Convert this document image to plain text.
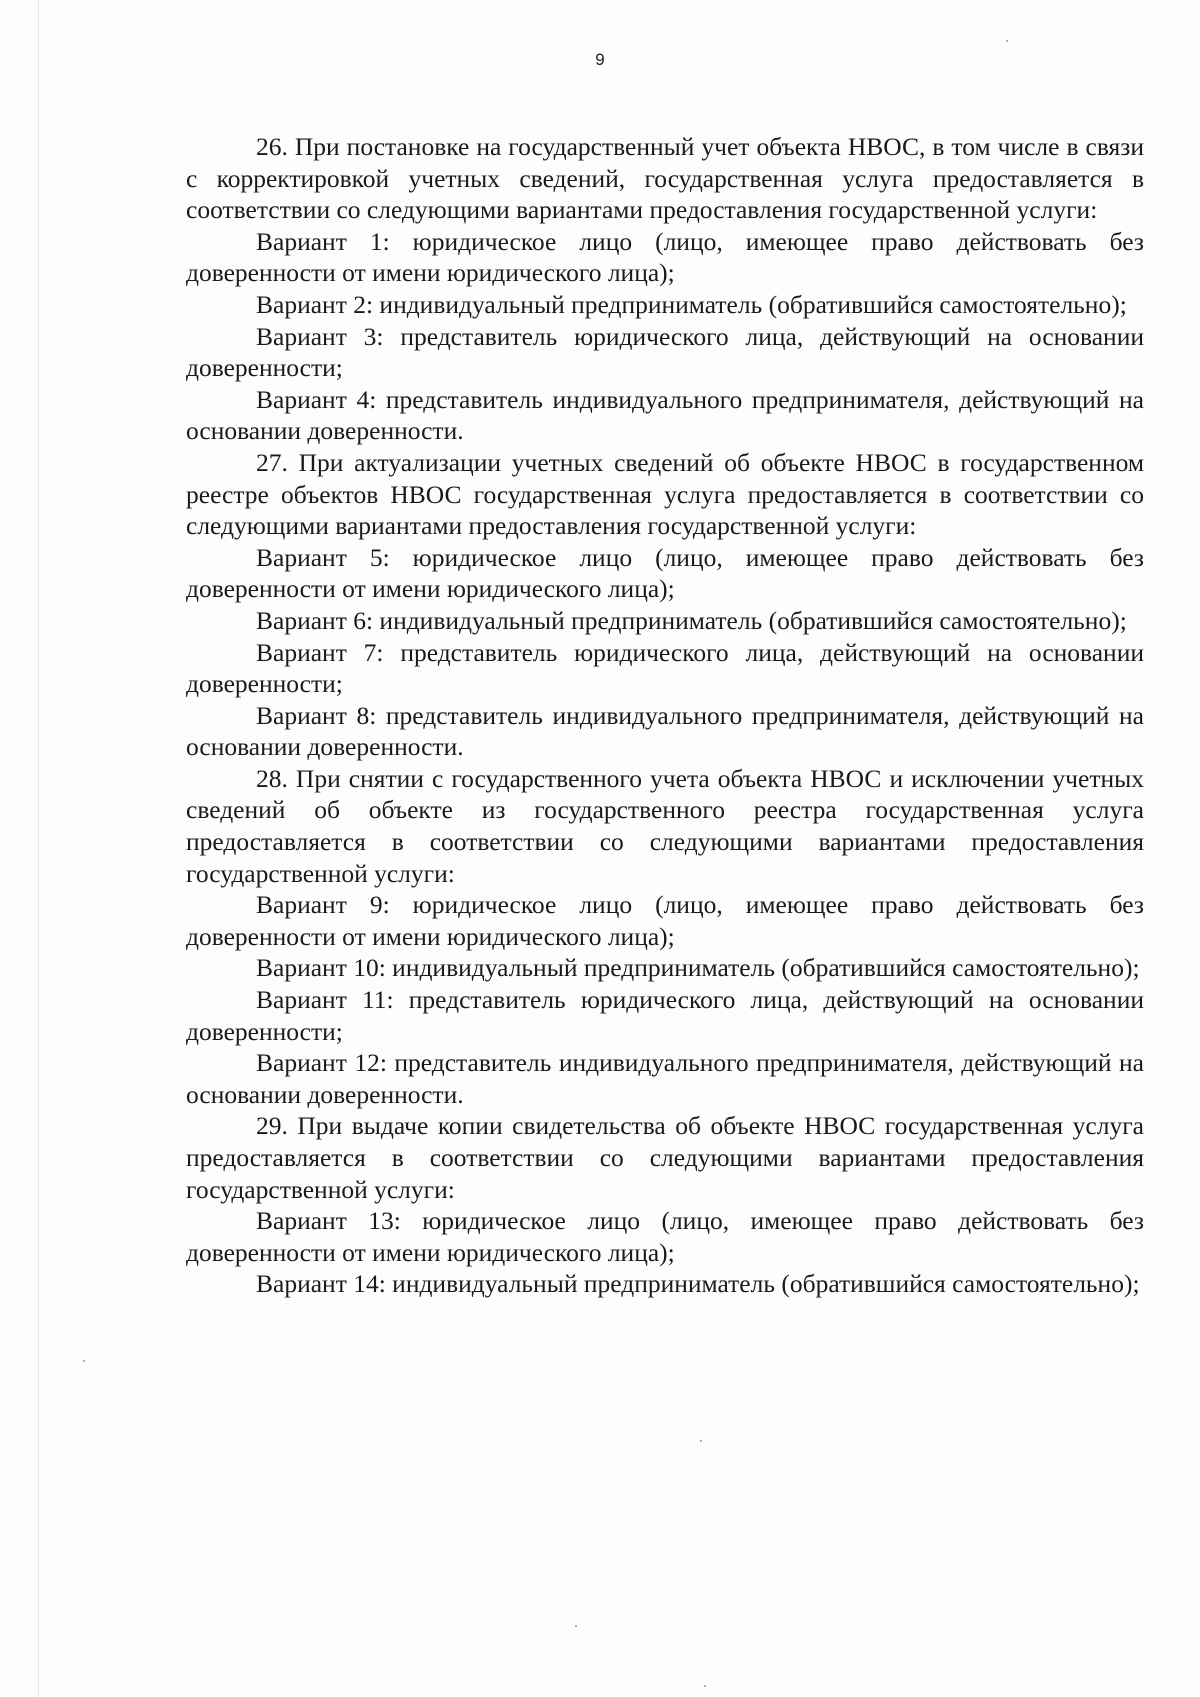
9

26. При постановке на государственный учет объекта НВОС, в том числе в связи с корректировкой учетных сведений, государственная услуга предоставляется в соответствии со следующими вариантами предоставления государственной услуги:

Вариант 1: юридическое лицо (лицо, имеющее право действовать без доверенности от имени юридического лица);

Вариант 2: индивидуальный предприниматель (обратившийся самостоятельно);

Вариант 3: представитель юридического лица, действующий на основании доверенности;

Вариант 4: представитель индивидуального предпринимателя, действующий на основании доверенности.

27. При актуализации учетных сведений об объекте НВОС в государственном реестре объектов НВОС государственная услуга предоставляется в соответствии со следующими вариантами предоставления государственной услуги:

Вариант 5: юридическое лицо (лицо, имеющее право действовать без доверенности от имени юридического лица);

Вариант 6: индивидуальный предприниматель (обратившийся самостоятельно);

Вариант 7: представитель юридического лица, действующий на основании доверенности;

Вариант 8: представитель индивидуального предпринимателя, действующий на основании доверенности.

28. При снятии с государственного учета объекта НВОС и исключении учетных сведений об объекте из государственного реестра государственная услуга предоставляется в соответствии со следующими вариантами предоставления государственной услуги:

Вариант 9: юридическое лицо (лицо, имеющее право действовать без доверенности от имени юридического лица);

Вариант 10: индивидуальный предприниматель (обратившийся самостоятельно);

Вариант 11: представитель юридического лица, действующий на основании доверенности;

Вариант 12: представитель индивидуального предпринимателя, действующий на основании доверенности.

29. При выдаче копии свидетельства об объекте НВОС государственная услуга предоставляется в соответствии со следующими вариантами предоставления государственной услуги:

Вариант 13: юридическое лицо (лицо, имеющее право действовать без доверенности от имени юридического лица);

Вариант 14: индивидуальный предприниматель (обратившийся самостоятельно);
